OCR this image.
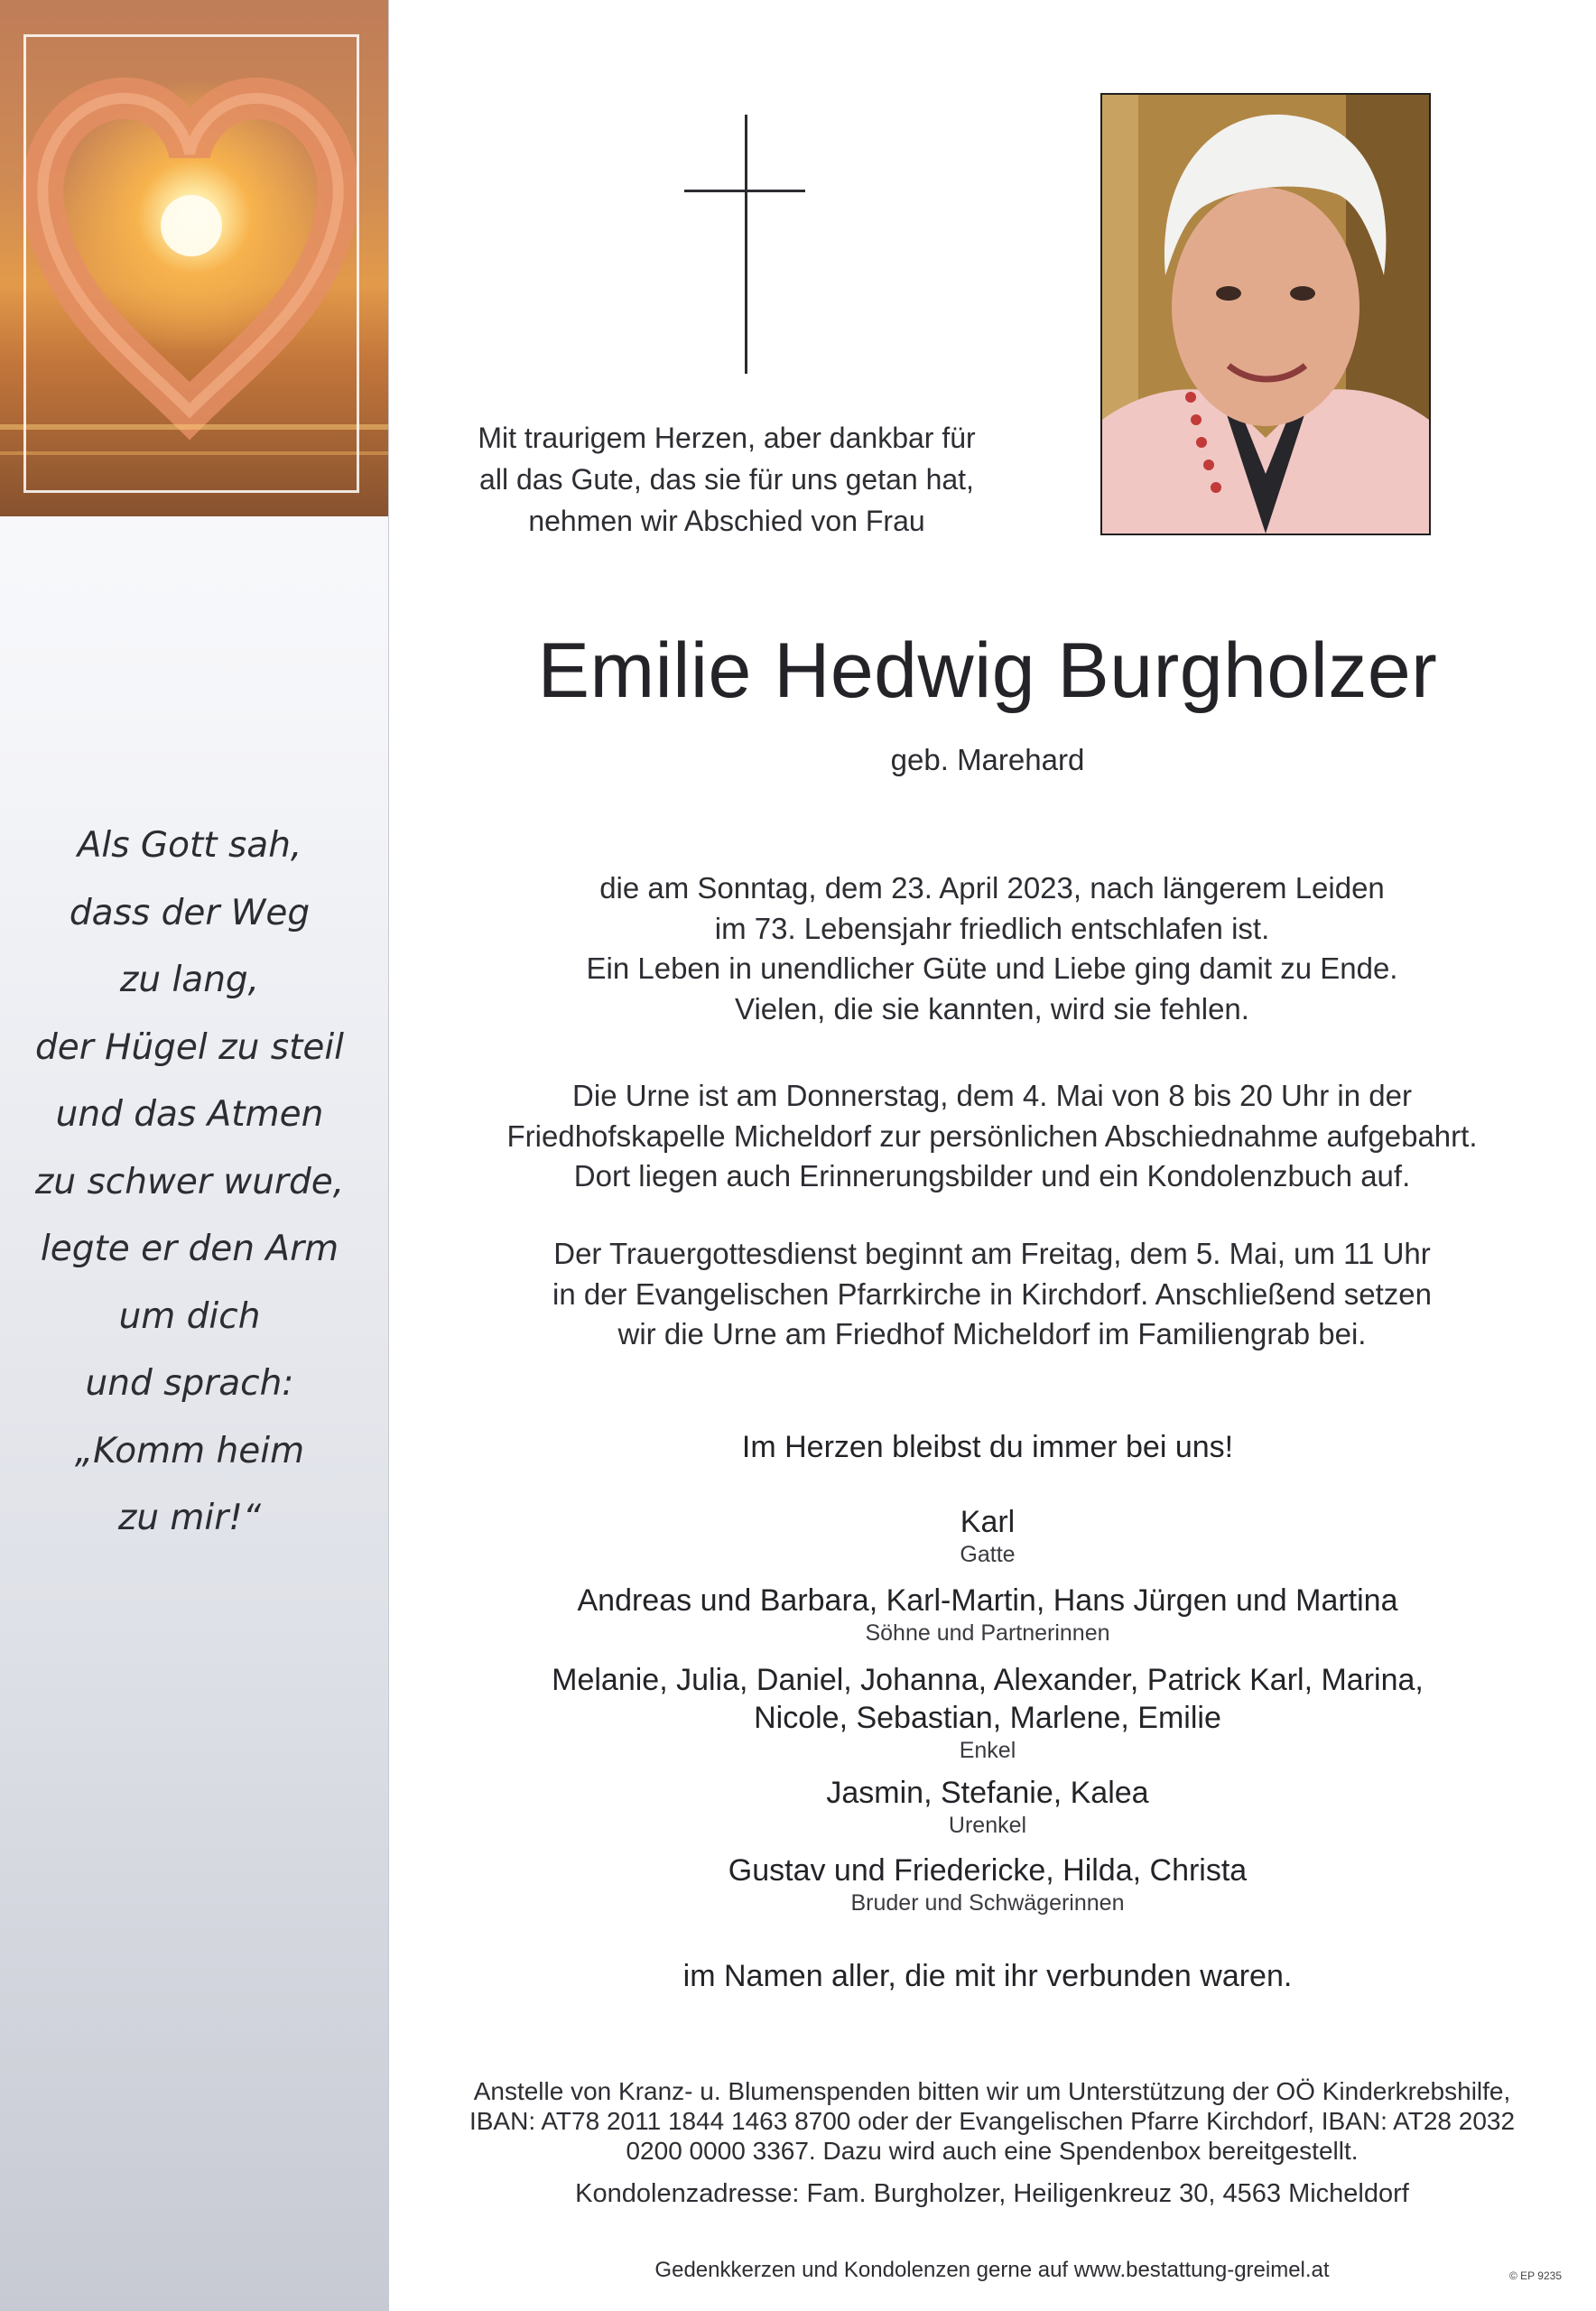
Als Gott sah,
dass der Weg
zu lang,
der Hügel zu steil
und das Atmen
zu schwer wurde,
legte er den Arm
um dich
und sprach:
„Komm heim
zu mir!“
Mit traurigem Herzen, aber dankbar für
all das Gute, das sie für uns getan hat,
nehmen wir Abschied von Frau
Emilie Hedwig Burgholzer
geb. Marehard
die am Sonntag, dem 23. April 2023, nach längerem Leiden
im 73. Lebensjahr friedlich entschlafen ist.
Ein Leben in unendlicher Güte und Liebe ging damit zu Ende.
Vielen, die sie kannten, wird sie fehlen.
Die Urne ist am Donnerstag, dem 4. Mai von 8 bis 20 Uhr in der
Friedhofskapelle Micheldorf zur persönlichen Abschiednahme aufgebahrt.
Dort liegen auch Erinnerungsbilder und ein Kondolenzbuch auf.
Der Trauergottesdienst beginnt am Freitag, dem 5. Mai, um 11 Uhr
in der Evangelischen Pfarrkirche in Kirchdorf. Anschließend setzen
wir die Urne am Friedhof Micheldorf im Familiengrab bei.
Im Herzen bleibst du immer bei uns!
Karl
Gatte
Andreas und Barbara, Karl-Martin, Hans Jürgen und Martina
Söhne und Partnerinnen
Melanie, Julia, Daniel, Johanna, Alexander, Patrick Karl, Marina,
Nicole, Sebastian, Marlene, Emilie
Enkel
Jasmin, Stefanie, Kalea
Urenkel
Gustav und Friedericke, Hilda, Christa
Bruder und Schwägerinnen
im Namen aller, die mit ihr verbunden waren.
Anstelle von Kranz- u. Blumenspenden bitten wir um Unterstützung der OÖ Kinderkrebshilfe,
IBAN: AT78 2011 1844 1463 8700 oder der Evangelischen Pfarre Kirchdorf, IBAN: AT28 2032
0200 0000 3367. Dazu wird auch eine Spendenbox bereitgestellt.
Kondolenzadresse: Fam. Burgholzer, Heiligenkreuz 30, 4563 Micheldorf
Gedenkkerzen und Kondolenzen gerne auf www.bestattung-greimel.at	© EP 9235
